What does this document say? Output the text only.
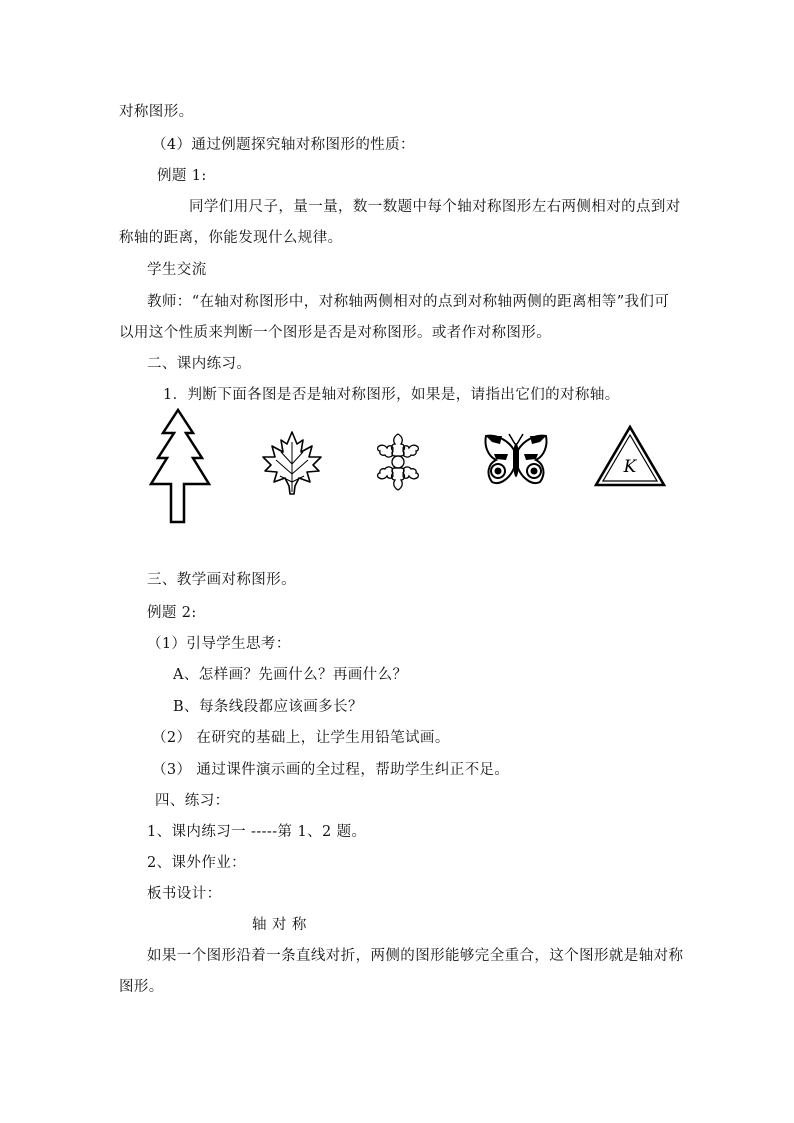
对称图形。
（4）通过例题探究轴对称图形的性质：
例题 1:
同学们用尺子，量一量，数一数题中每个轴对称图形左右两侧相对的点到对
称轴的距离，你能发现什么规律。
学生交流
教师：“在轴对称图形中，对称轴两侧相对的点到对称轴两侧的距离相等”我们可
以用这个性质来判断一个图形是否是对称图形。或者作对称图形。
二、课内练习。
1．判断下面各图是否是轴对称图形，如果是，请指出它们的对称轴。
K
三、教学画对称图形。
例题 2:
（1）引导学生思考：
A、怎样画？先画什么？再画什么？
B、每条线段都应该画多长？
（2） 在研究的基础上，让学生用铅笔试画。
（3） 通过课件演示画的全过程，帮助学生纠正不足。
四、练习：
1、课内练习一 -----第 1、2 题。
2、课外作业：
板书设计：
轴 对 称
如果一个图形沿着一条直线对折，两侧的图形能够完全重合，这个图形就是轴对称
图形。
